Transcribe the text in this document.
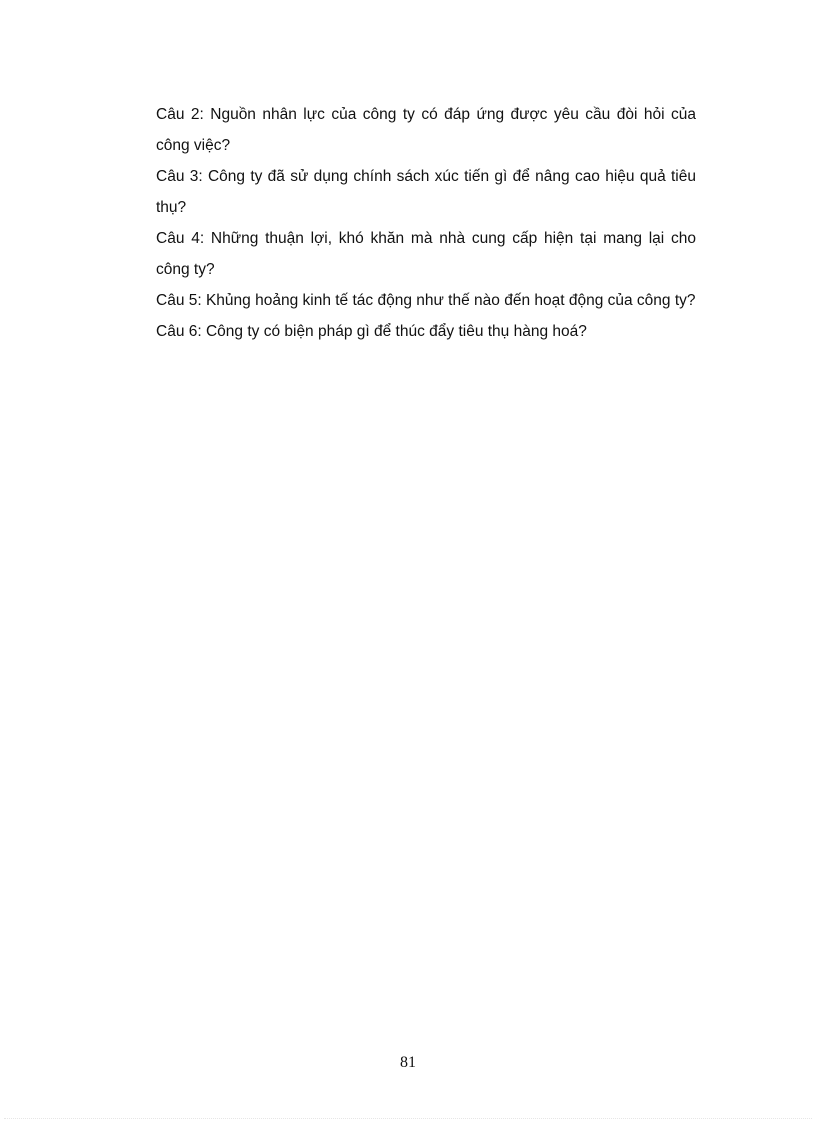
Câu 2: Nguồn nhân lực của công ty có đáp ứng được yêu cầu đòi hỏi của công việc?

Câu 3: Công ty đã sử dụng chính sách xúc tiến gì để nâng cao hiệu quả tiêu thụ?

Câu 4: Những thuận lợi, khó khăn mà nhà cung cấp hiện tại mang lại cho công ty?

Câu 5: Khủng hoảng kinh tế tác động như thế nào đến hoạt động của công ty?

Câu 6: Công ty có biện pháp gì để thúc đẩy tiêu thụ hàng hoá?

81
